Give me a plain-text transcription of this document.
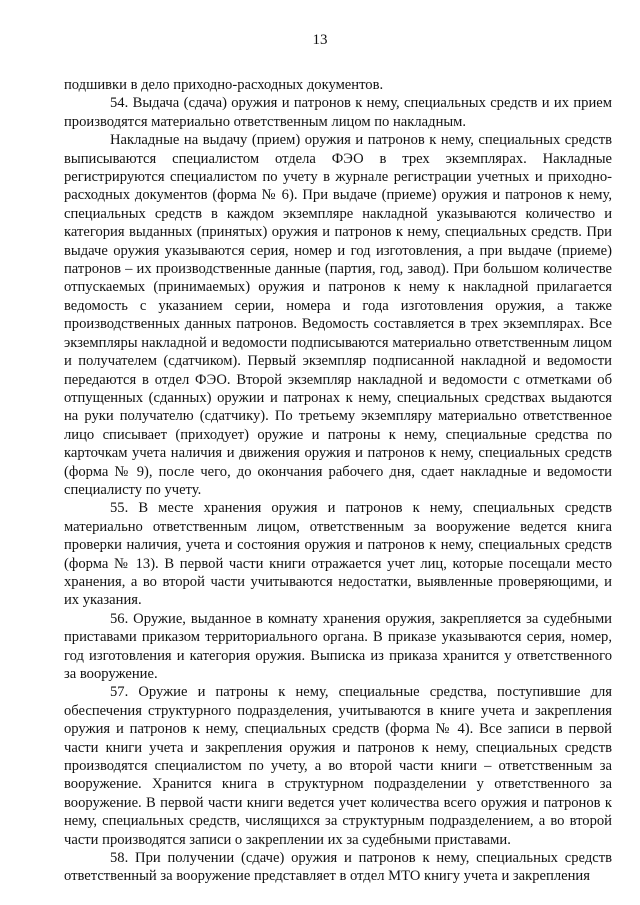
13

подшивки в дело приходно-расходных документов.

54. Выдача (сдача) оружия и патронов к нему, специальных средств и их прием производятся материально ответственным лицом по накладным.

Накладные на выдачу (прием) оружия и патронов к нему, специальных средств выписываются специалистом отдела ФЭО в трех экземплярах. Накладные регистрируются специалистом по учету в журнале регистрации учетных и приходно-расходных документов (форма № 6). При выдаче (приеме) оружия и патронов к нему, специальных средств в каждом экземпляре накладной указываются количество и категория выданных (принятых) оружия и патронов к нему, специальных средств. При выдаче оружия указываются серия, номер и год изготовления, а при выдаче (приеме) патронов – их производственные данные (партия, год, завод). При большом количестве отпускаемых (принимаемых) оружия и патронов к нему к накладной прилагается ведомость с указанием серии, номера и года изготовления оружия, а также производственных данных патронов. Ведомость составляется в трех экземплярах. Все экземпляры накладной и ведомости подписываются материально ответственным лицом и получателем (сдатчиком). Первый экземпляр подписанной накладной и ведомости передаются в отдел ФЭО. Второй экземпляр накладной и ведомости с отметками об отпущенных (сданных) оружии и патронах к нему, специальных средствах выдаются на руки получателю (сдатчику). По третьему экземпляру материально ответственное лицо списывает (приходует) оружие и патроны к нему, специальные средства по карточкам учета наличия и движения оружия и патронов к нему, специальных средств (форма № 9), после чего, до окончания рабочего дня, сдает накладные и ведомости специалисту по учету.

55. В месте хранения оружия и патронов к нему, специальных средств материально ответственным лицом, ответственным за вооружение ведется книга проверки наличия, учета и состояния оружия и патронов к нему, специальных средств (форма № 13). В первой части книги отражается учет лиц, которые посещали место хранения, а во второй части учитываются недостатки, выявленные проверяющими, и их указания.

56. Оружие, выданное в комнату хранения оружия, закрепляется за судебными приставами приказом территориального органа. В приказе указываются серия, номер, год изготовления и категория оружия. Выписка из приказа хранится у ответственного за вооружение.

57. Оружие и патроны к нему, специальные средства, поступившие для обеспечения структурного подразделения, учитываются в книге учета и закрепления оружия и патронов к нему, специальных средств (форма № 4). Все записи в первой части книги учета и закрепления оружия и патронов к нему, специальных средств производятся специалистом по учету, а во второй части книги – ответственным за вооружение. Хранится книга в структурном подразделении у ответственного за вооружение. В первой части книги ведется учет количества всего оружия и патронов к нему, специальных средств, числящихся за структурным подразделением, а во второй части производятся записи о закреплении их за судебными приставами.

58. При получении (сдаче) оружия и патронов к нему, специальных средств ответственный за вооружение представляет в отдел МТО книгу учета и закрепления
